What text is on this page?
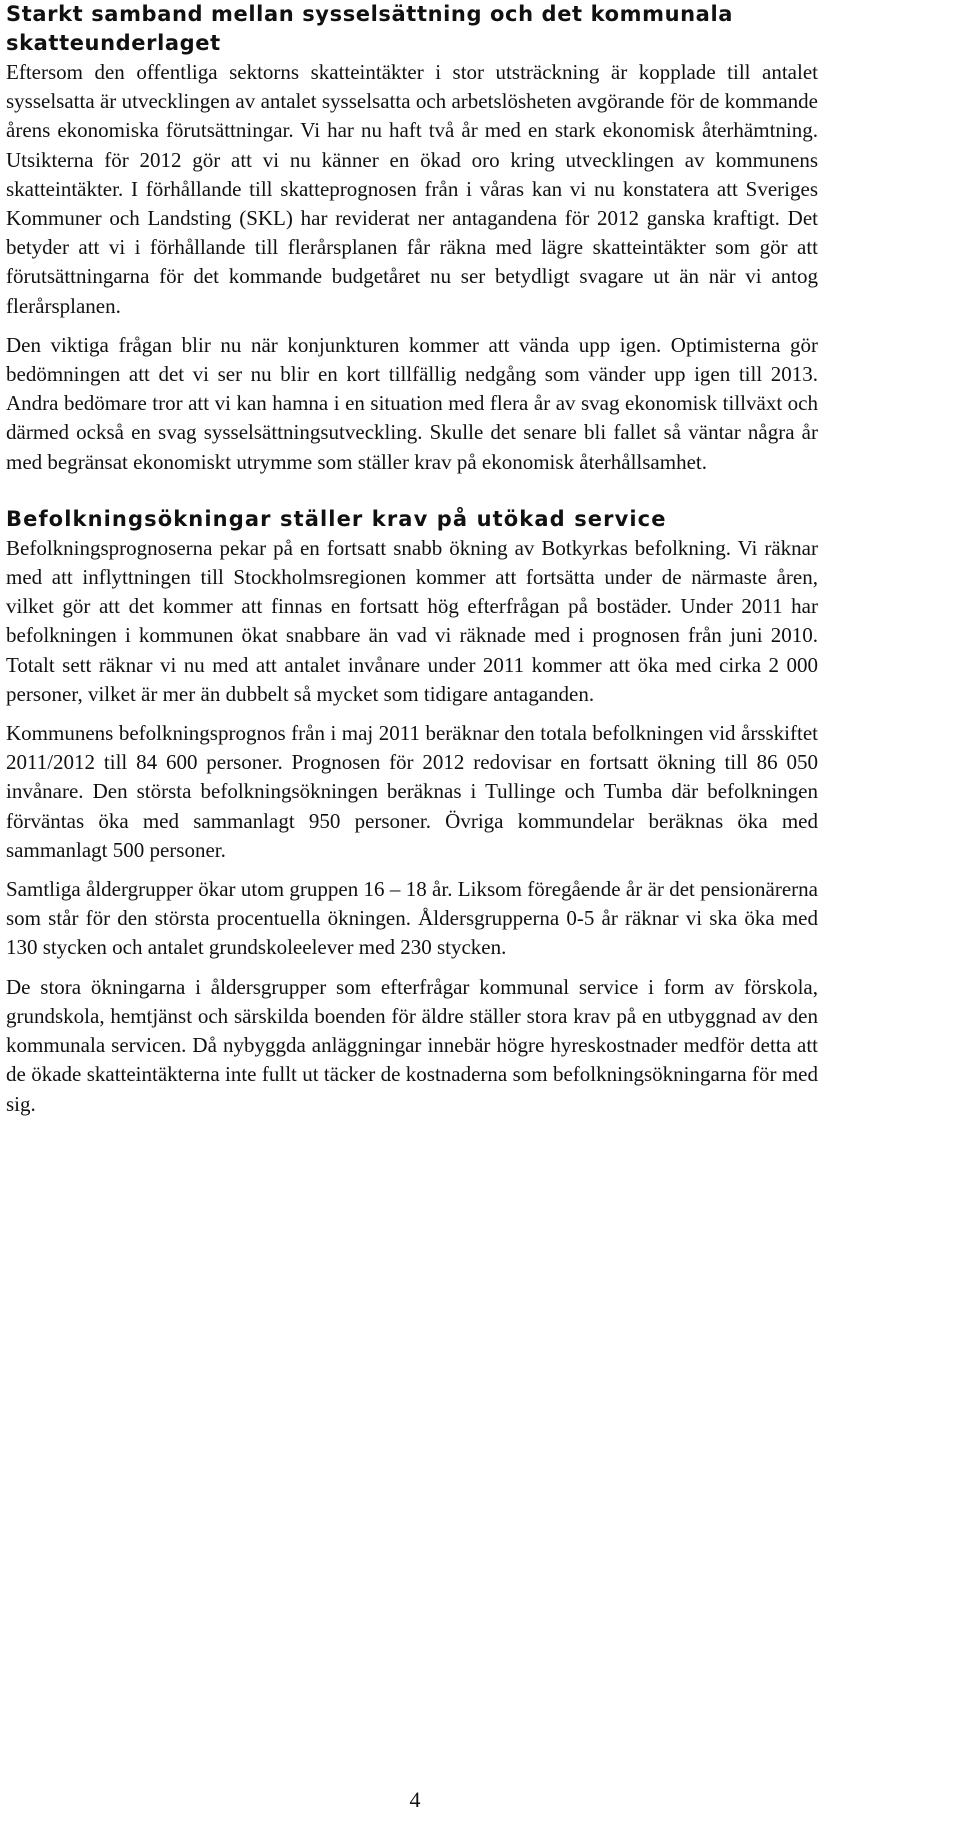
Starkt samband mellan sysselsättning och det kommunala skatteunderlaget

Eftersom den offentliga sektorns skatteintäkter i stor utsträckning är kopplade till antalet sysselsatta är utvecklingen av antalet sysselsatta och arbetslösheten avgörande för de kommande årens ekonomiska förutsättningar. Vi har nu haft två år med en stark ekonomisk återhämtning. Utsikterna för 2012 gör att vi nu känner en ökad oro kring utvecklingen av kommunens skatteintäkter. I förhållande till skatteprognosen från i våras kan vi nu konstatera att Sveriges Kommuner och Landsting (SKL) har reviderat ner antagandena för 2012 ganska kraftigt. Det betyder att vi i förhållande till flerårsplanen får räkna med lägre skatteintäkter som gör att förutsättningarna för det kommande budgetåret nu ser betydligt svagare ut än när vi antog flerårsplanen.

Den viktiga frågan blir nu när konjunkturen kommer att vända upp igen. Optimisterna gör bedömningen att det vi ser nu blir en kort tillfällig nedgång som vänder upp igen till 2013. Andra bedömare tror att vi kan hamna i en situation med flera år av svag ekonomisk tillväxt och därmed också en svag sysselsättningsutveckling. Skulle det senare bli fallet så väntar några år med begränsat ekonomiskt utrymme som ställer krav på ekonomisk återhållsamhet.

Befolkningsökningar ställer krav på utökad service

Befolkningsprognoserna pekar på en fortsatt snabb ökning av Botkyrkas befolkning. Vi räknar med att inflyttningen till Stockholmsregionen kommer att fortsätta under de närmaste åren, vilket gör att det kommer att finnas en fortsatt hög efterfrågan på bostäder. Under 2011 har befolkningen i kommunen ökat snabbare än vad vi räknade med i prognosen från juni 2010. Totalt sett räknar vi nu med att antalet invånare under 2011 kommer att öka med cirka 2 000 personer, vilket är mer än dubbelt så mycket som tidigare antaganden.

Kommunens befolkningsprognos från i maj 2011 beräknar den totala befolkningen vid årsskiftet 2011/2012 till 84 600 personer. Prognosen för 2012 redovisar en fortsatt ökning till 86 050 invånare. Den största befolkningsökningen beräknas i Tullinge och Tumba där befolkningen förväntas öka med sammanlagt 950 personer. Övriga kommundelar beräknas öka med sammanlagt 500 personer.

Samtliga åldergrupper ökar utom gruppen 16 – 18 år. Liksom föregående år är det pensionärerna som står för den största procentuella ökningen. Åldersgrupperna 0-5 år räknar vi ska öka med 130 stycken och antalet grundskoleelever med 230 stycken.

De stora ökningarna i åldersgrupper som efterfrågar kommunal service i form av förskola, grundskola, hemtjänst och särskilda boenden för äldre ställer stora krav på en utbyggnad av den kommunala servicen. Då nybyggda anläggningar innebär högre hyreskostnader medför detta att de ökade skatteintäkterna inte fullt ut täcker de kostnaderna som befolkningsökningarna för med sig.

4
